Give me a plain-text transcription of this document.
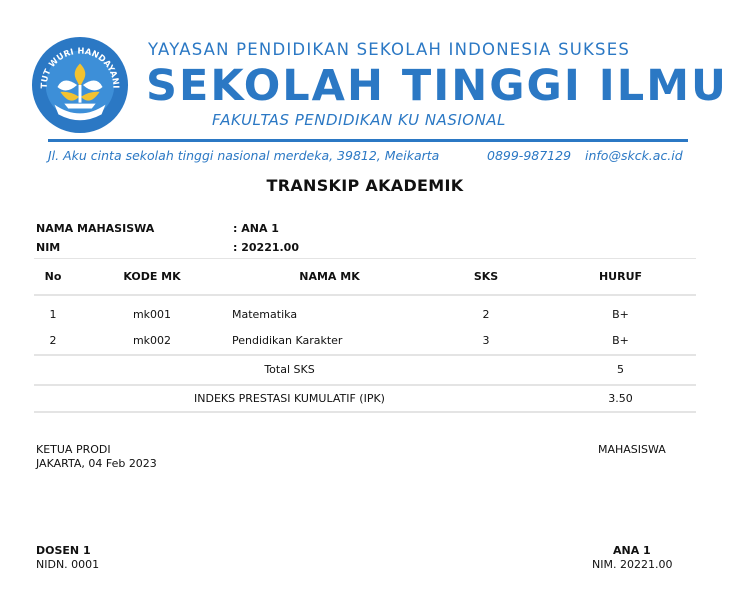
TUT WURI HANDAYANI
YAYASAN PENDIDIKAN SEKOLAH INDONESIA SUKSES
SEKOLAH TINGGI ILMU
FAKULTAS PENDIDIKAN KU NASIONAL
Jl. Aku cinta sekolah tinggi nasional merdeka, 39812, Meikarta	0899-987129 info@skck.ac.id
TRANSKIP AKADEMIK
NAMA MAHASISWA	: ANA 1
NIM	: 20221.00
No	KODE MK	NAMA MK	SKS	HURUF
1	mk001	Matematika	2	B+
2	mk002	Pendidikan Karakter	3	B+
Total SKS				5
INDEKS PRESTASI KUMULATIF (IPK)				3.50
KETUA PRODI
JAKARTA, 04 Feb 2023
MAHASISWA
DOSEN 1
NIDN. 0001
ANA 1
NIM. 20221.00
